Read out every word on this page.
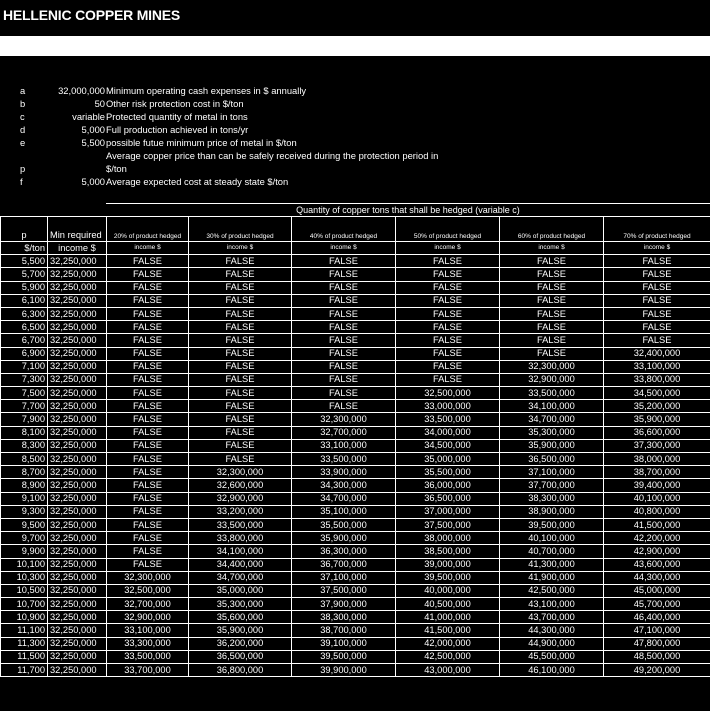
HELLENIC COPPER MINES
a	32,000,000 Minimum operating cash expenses in $ annually
b	50 Other risk protection cost in $/ton
c	variable Protected quantity of metal in tons
d	5,000 Full production achieved in tons/yr
e	5,500 possible futue minimum price of metal in $/ton
Average copper price than can be safely received during the protection period in
p	$/ton
f	5,000 Average expected cost at steady state $/ton
Quantity of copper tons that shall be hedged (variable c)
p	Min required	20% of product hedged	30% of product hedged	40% of product hedged	50% of product hedged	60% of product hedged	70% of product hedged
$/ton	income $	income $	income $	income $	income $	income $	income $
5,500	32,250,000	FALSE	FALSE	FALSE	FALSE	FALSE	FALSE
5,700	32,250,000	FALSE	FALSE	FALSE	FALSE	FALSE	FALSE
5,900	32,250,000	FALSE	FALSE	FALSE	FALSE	FALSE	FALSE
6,100	32,250,000	FALSE	FALSE	FALSE	FALSE	FALSE	FALSE
6,300	32,250,000	FALSE	FALSE	FALSE	FALSE	FALSE	FALSE
6,500	32,250,000	FALSE	FALSE	FALSE	FALSE	FALSE	FALSE
6,700	32,250,000	FALSE	FALSE	FALSE	FALSE	FALSE	FALSE
6,900	32,250,000	FALSE	FALSE	FALSE	FALSE	FALSE	32,400,000
7,100	32,250,000	FALSE	FALSE	FALSE	FALSE	32,300,000	33,100,000
7,300	32,250,000	FALSE	FALSE	FALSE	FALSE	32,900,000	33,800,000
7,500	32,250,000	FALSE	FALSE	FALSE	32,500,000	33,500,000	34,500,000
7,700	32,250,000	FALSE	FALSE	FALSE	33,000,000	34,100,000	35,200,000
7,900	32,250,000	FALSE	FALSE	32,300,000	33,500,000	34,700,000	35,900,000
8,100	32,250,000	FALSE	FALSE	32,700,000	34,000,000	35,300,000	36,600,000
8,300	32,250,000	FALSE	FALSE	33,100,000	34,500,000	35,900,000	37,300,000
8,500	32,250,000	FALSE	FALSE	33,500,000	35,000,000	36,500,000	38,000,000
8,700	32,250,000	FALSE	32,300,000	33,900,000	35,500,000	37,100,000	38,700,000
8,900	32,250,000	FALSE	32,600,000	34,300,000	36,000,000	37,700,000	39,400,000
9,100	32,250,000	FALSE	32,900,000	34,700,000	36,500,000	38,300,000	40,100,000
9,300	32,250,000	FALSE	33,200,000	35,100,000	37,000,000	38,900,000	40,800,000
9,500	32,250,000	FALSE	33,500,000	35,500,000	37,500,000	39,500,000	41,500,000
9,700	32,250,000	FALSE	33,800,000	35,900,000	38,000,000	40,100,000	42,200,000
9,900	32,250,000	FALSE	34,100,000	36,300,000	38,500,000	40,700,000	42,900,000
10,100	32,250,000	FALSE	34,400,000	36,700,000	39,000,000	41,300,000	43,600,000
10,300	32,250,000	32,300,000	34,700,000	37,100,000	39,500,000	41,900,000	44,300,000
10,500	32,250,000	32,500,000	35,000,000	37,500,000	40,000,000	42,500,000	45,000,000
10,700	32,250,000	32,700,000	35,300,000	37,900,000	40,500,000	43,100,000	45,700,000
10,900	32,250,000	32,900,000	35,600,000	38,300,000	41,000,000	43,700,000	46,400,000
11,100	32,250,000	33,100,000	35,900,000	38,700,000	41,500,000	44,300,000	47,100,000
11,300	32,250,000	33,300,000	36,200,000	39,100,000	42,000,000	44,900,000	47,800,000
11,500	32,250,000	33,500,000	36,500,000	39,500,000	42,500,000	45,500,000	48,500,000
11,700	32,250,000	33,700,000	36,800,000	39,900,000	43,000,000	46,100,000	49,200,000
